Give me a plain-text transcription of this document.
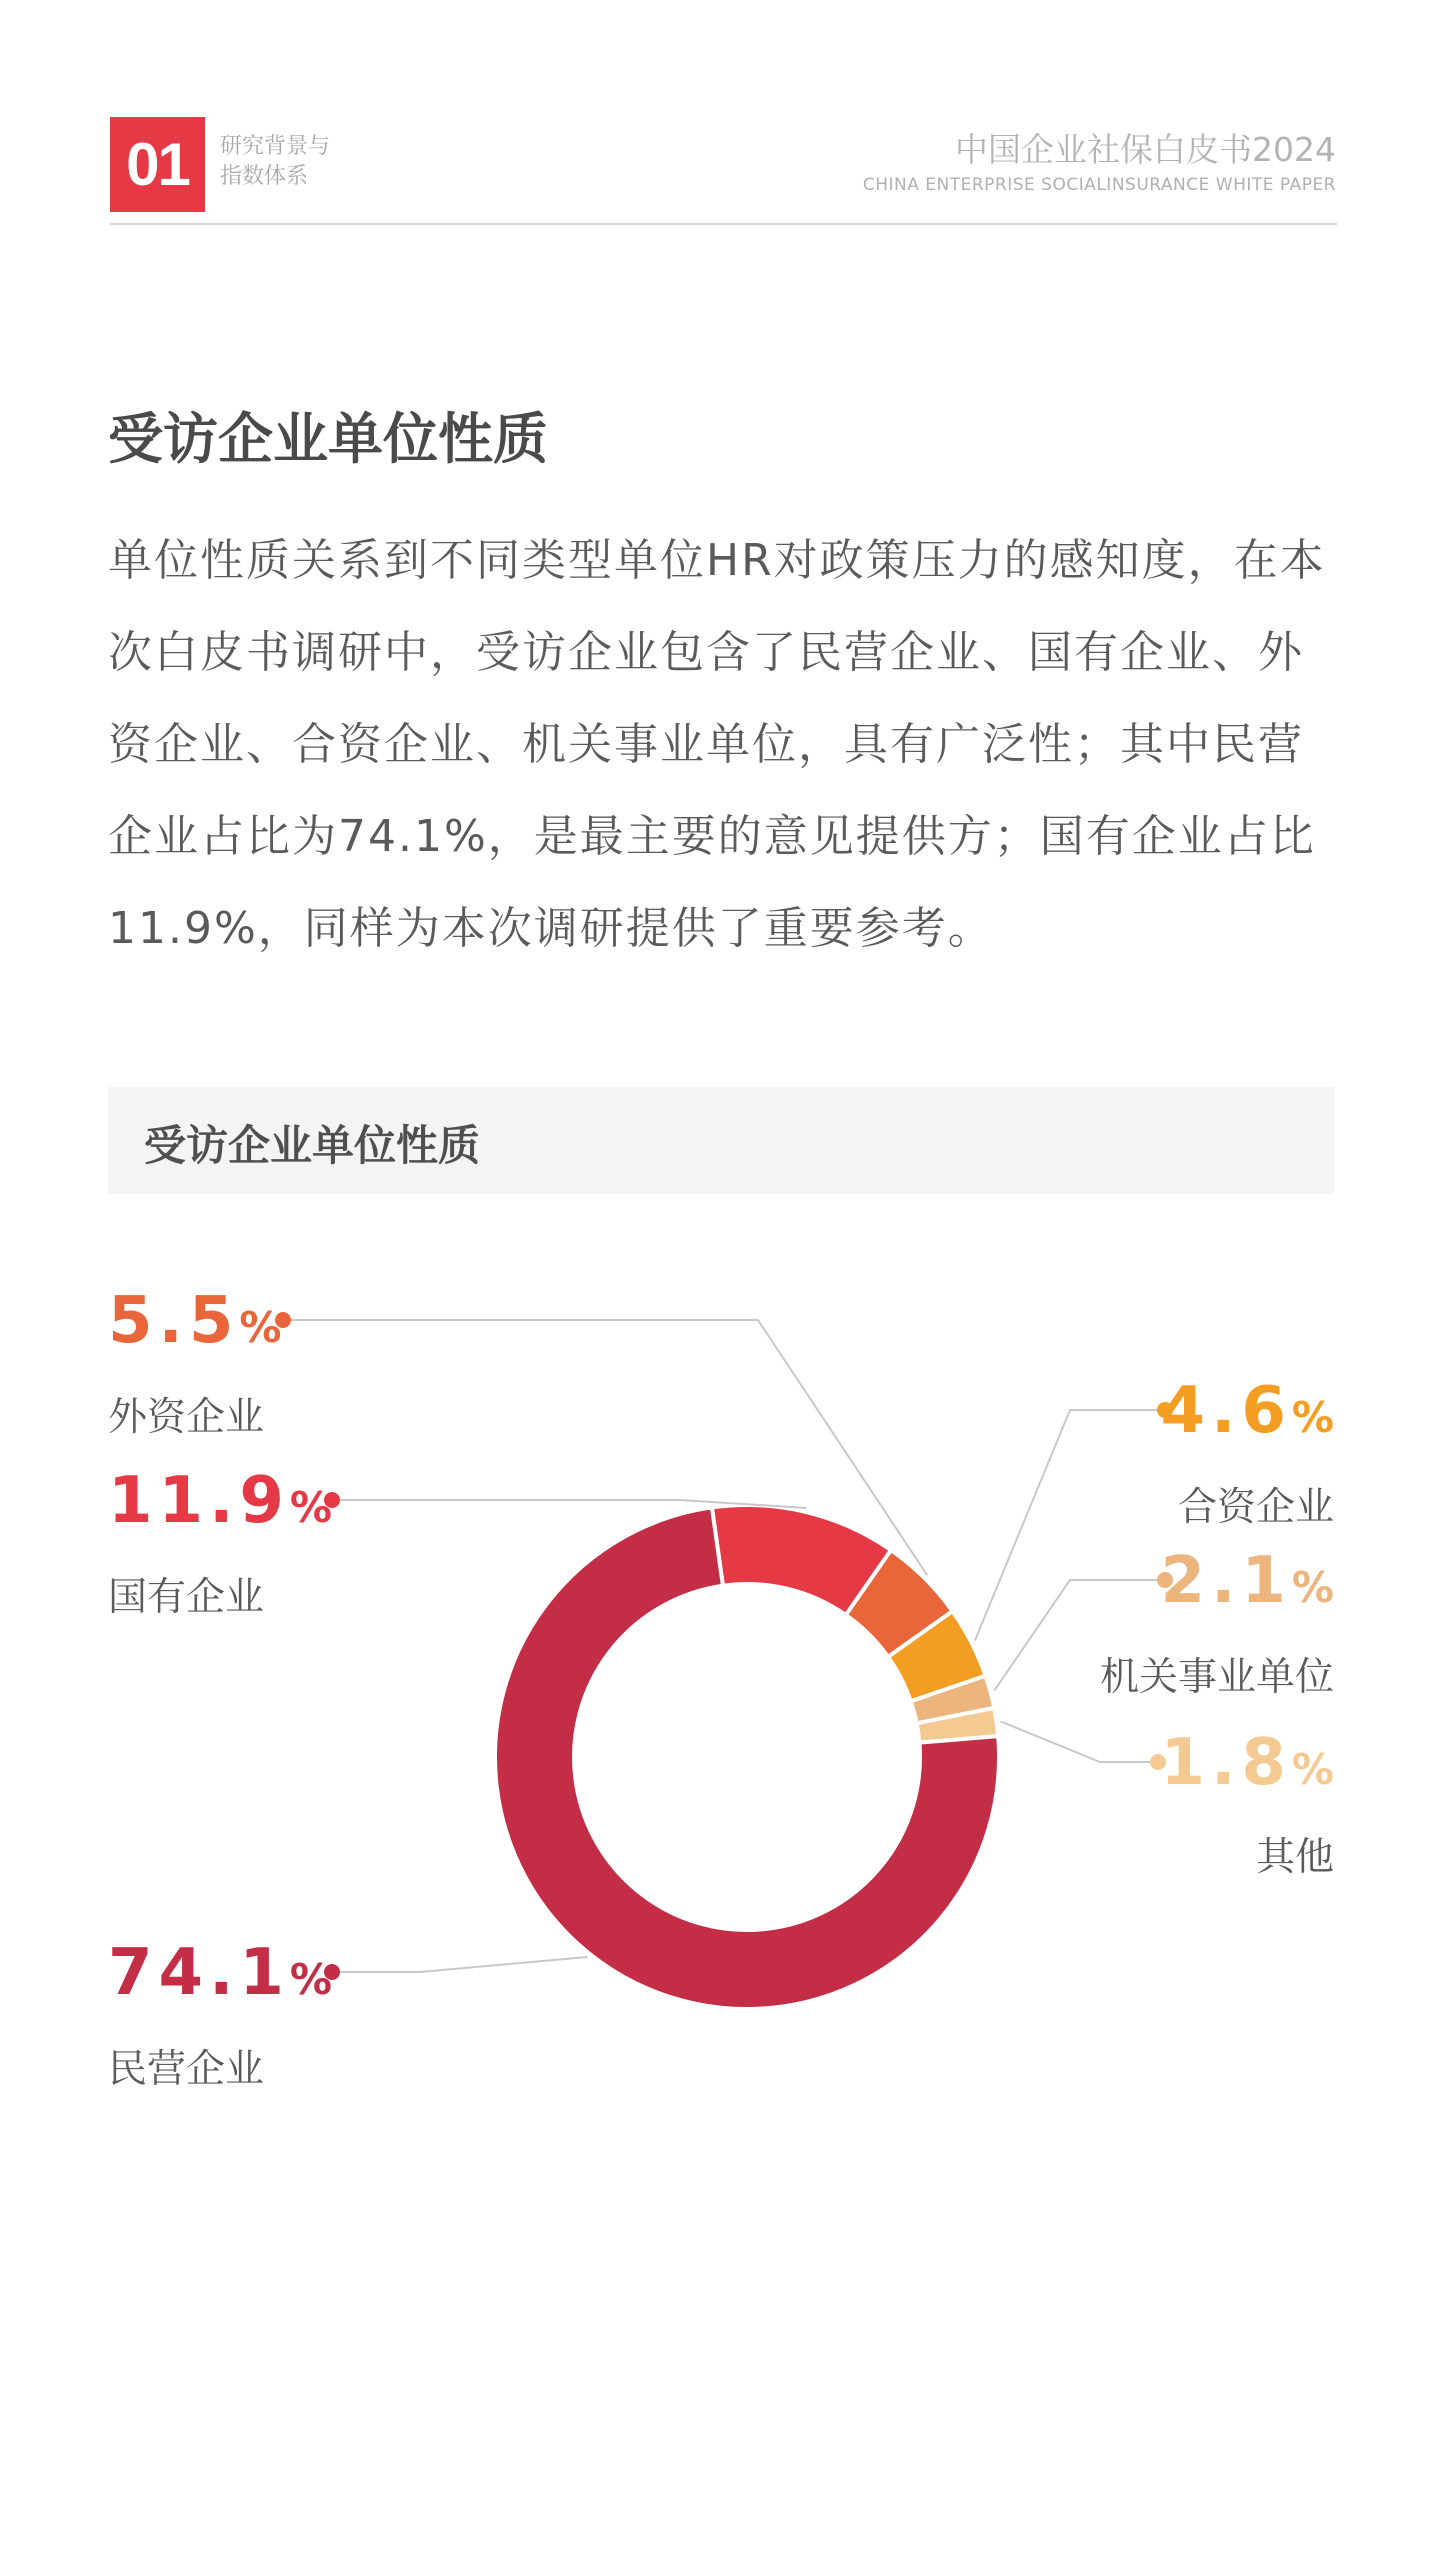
01	研究背景与
指数体系
中国企业社保白皮书2024
CHINA ENTERPRISE SOCIALINSURANCE WHITE PAPER
受访企业单位性质
单位性质关系到不同类型单位HR对政策压力的感知度，在本次白皮书调研中，受访企业包含了民营企业、国有企业、外资企业、合资企业、机关事业单位，具有广泛性；其中民营企业占比为74.1%，是最主要的意见提供方；国有企业占比11.9%，同样为本次调研提供了重要参考。
受访企业单位性质
11.9%
国有企业
5.5%
外资企业	4.6%
合资企业
2.1%
机关事业单位
1.8%
其他
74.1%
民营企业
